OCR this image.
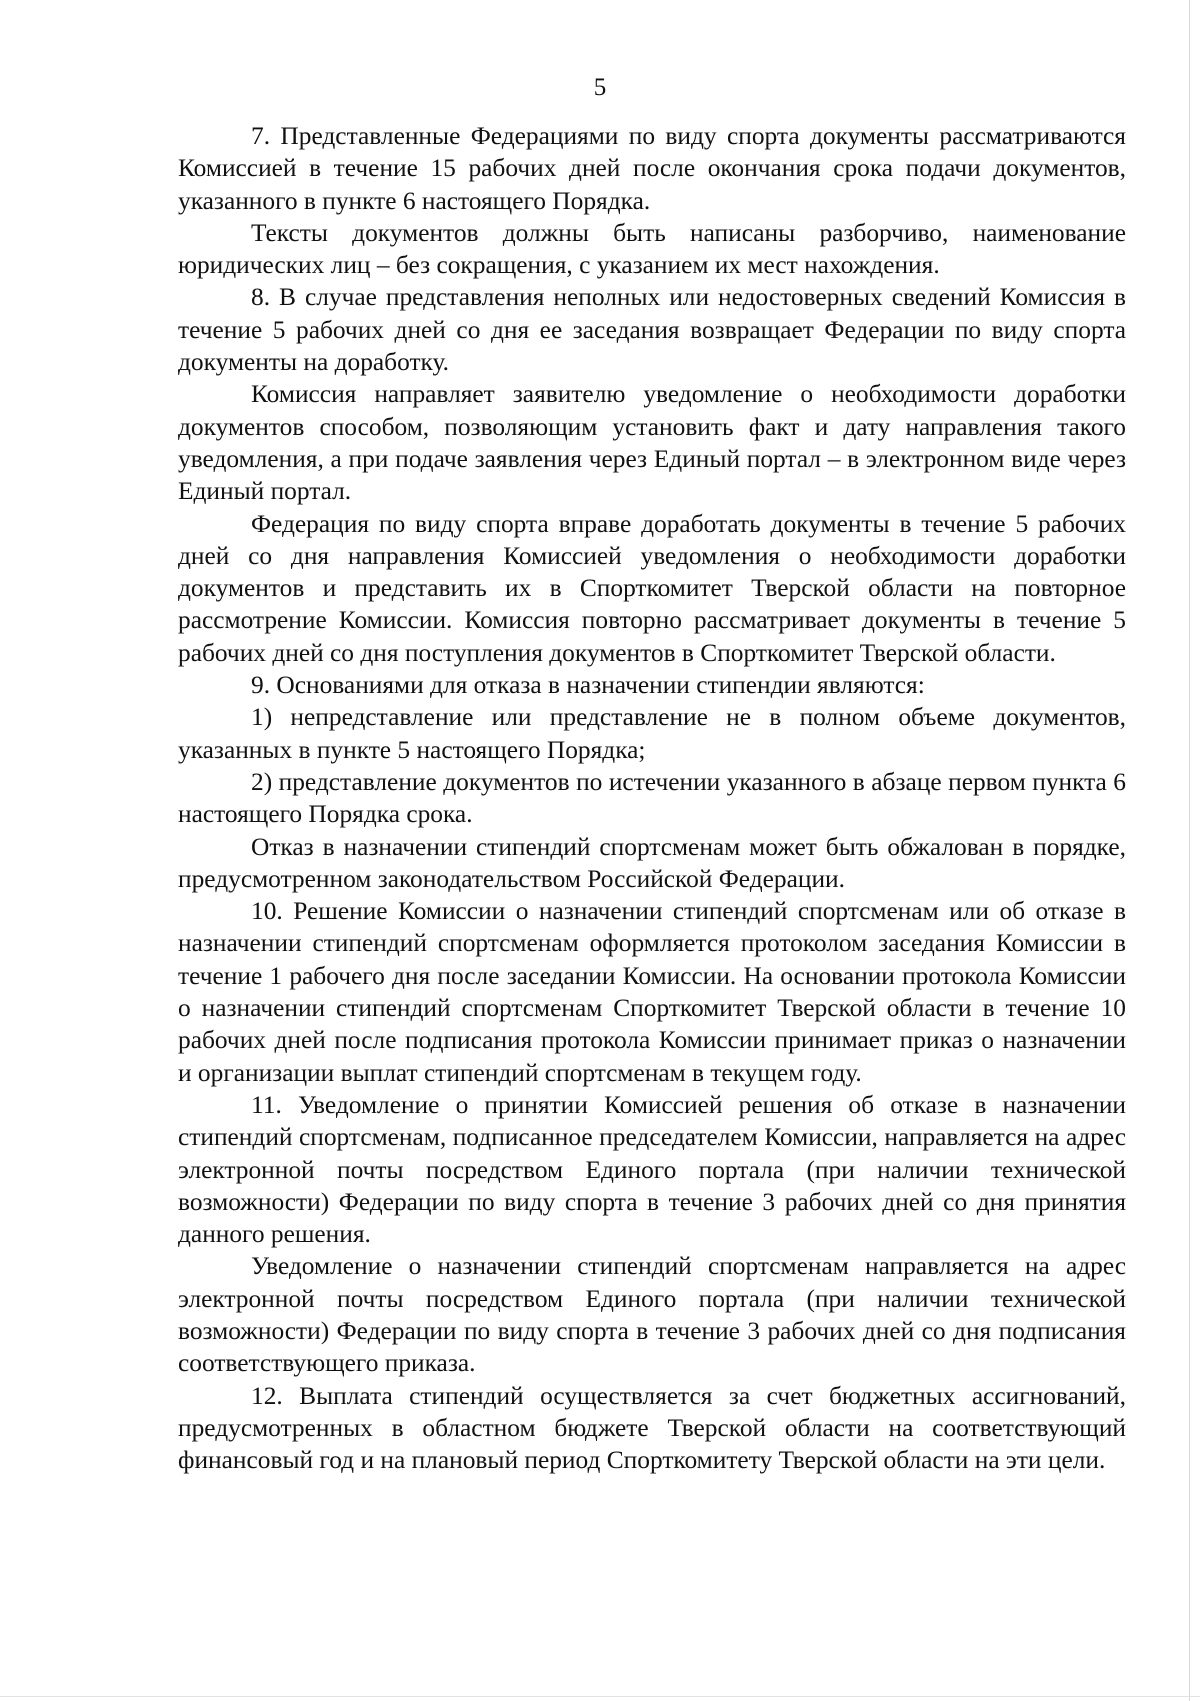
5

7. Представленные Федерациями по виду спорта документы рассматриваются Комиссией в течение 15 рабочих дней после окончания срока подачи документов, указанного в пункте 6 настоящего Порядка.

Тексты документов должны быть написаны разборчиво, наименование юридических лиц – без сокращения, с указанием их мест нахождения.

8. В случае представления неполных или недостоверных сведений Комиссия в течение 5 рабочих дней со дня ее заседания возвращает Федерации по виду спорта документы на доработку.

Комиссия направляет заявителю уведомление о необходимости доработки документов способом, позволяющим установить факт и дату направления такого уведомления, а при подаче заявления через Единый портал – в электронном виде через Единый портал.

Федерация по виду спорта вправе доработать документы в течение 5 рабочих дней со дня направления Комиссией уведомления о необходимости доработки документов и представить их в Спорткомитет Тверской области на повторное рассмотрение Комиссии. Комиссия повторно рассматривает документы в течение 5 рабочих дней со дня поступления документов в Спорткомитет Тверской области.

9. Основаниями для отказа в назначении стипендии являются:

1) непредставление или представление не в полном объеме документов, указанных в пункте 5 настоящего Порядка;

2) представление документов по истечении указанного в абзаце первом пункта 6 настоящего Порядка срока.

Отказ в назначении стипендий спортсменам может быть обжалован в порядке, предусмотренном законодательством Российской Федерации.

10. Решение Комиссии о назначении стипендий спортсменам или об отказе в назначении стипендий спортсменам оформляется протоколом заседания Комиссии в течение 1 рабочего дня после заседании Комиссии. На основании протокола Комиссии о назначении стипендий спортсменам Спорткомитет Тверской области в течение 10 рабочих дней после подписания протокола Комиссии принимает приказ о назначении и организации выплат стипендий спортсменам в текущем году.

11. Уведомление о принятии Комиссией решения об отказе в назначении стипендий спортсменам, подписанное председателем Комиссии, направляется на адрес электронной почты посредством Единого портала (при наличии технической возможности) Федерации по виду спорта в течение 3 рабочих дней со дня принятия данного решения.

Уведомление о назначении стипендий спортсменам направляется на адрес электронной почты посредством Единого портала (при наличии технической возможности) Федерации по виду спорта в течение 3 рабочих дней со дня подписания соответствующего приказа.

12. Выплата стипендий осуществляется за счет бюджетных ассигнований, предусмотренных в областном бюджете Тверской области на соответствующий финансовый год и на плановый период Спорткомитету Тверской области на эти цели.
